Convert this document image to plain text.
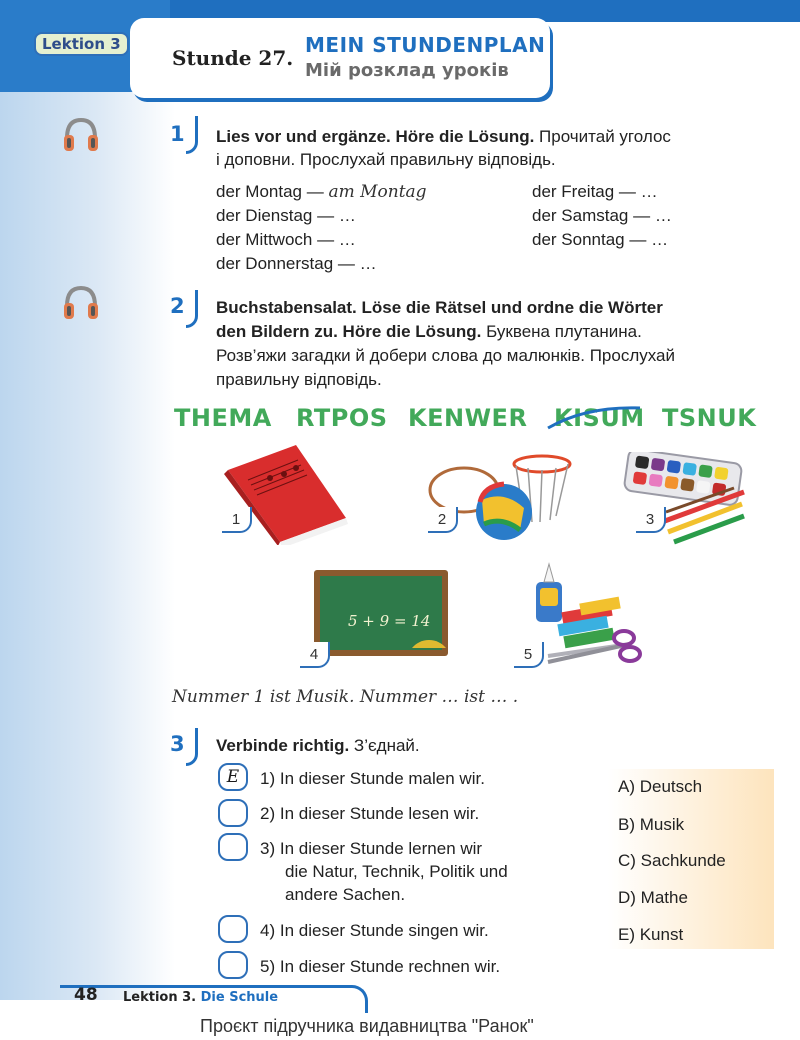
Lektion 3
Stunde 27.
MEIN STUNDENPLAN
Мій розклад уроків
1 Lies vor und ergänze. Höre die Lösung. Прочитай уголос
і доповни. Прослухай правильну відповідь.
der Montag — am Montag
der Dienstag — …
der Mittwoch — …
der Donnerstag — …
der Freitag — …
der Samstag — …
der Sonntag — …
2 Buchstabensalat. Löse die Rätsel und ordne die Wörter
den Bildern zu. Höre die Lösung. Буквена плутанина.
Розв’яжи загадки й добери слова до малюнків. Прослухай
правильну відповідь.
THEMA RTPOS KENWER KISUM TSNUK
1	2	3
5 + 9 = 14
4	5
Nummer 1 ist Musik. Nummer … ist … .
3 Verbinde richtig. З’єднай.
E	1) In dieser Stunde malen wir.
2) In dieser Stunde lesen wir.
3) In dieser Stunde lernen wir
die Natur, Technik, Politik und
andere Sachen.
4) In dieser Stunde singen wir.
5) In dieser Stunde rechnen wir.
A) Deutsch
B) Musik
C) Sachkunde
D) Mathe
E) Kunst
48 Lektion 3. Die Schule
Проєкт підручника видавництва "Ранок"
